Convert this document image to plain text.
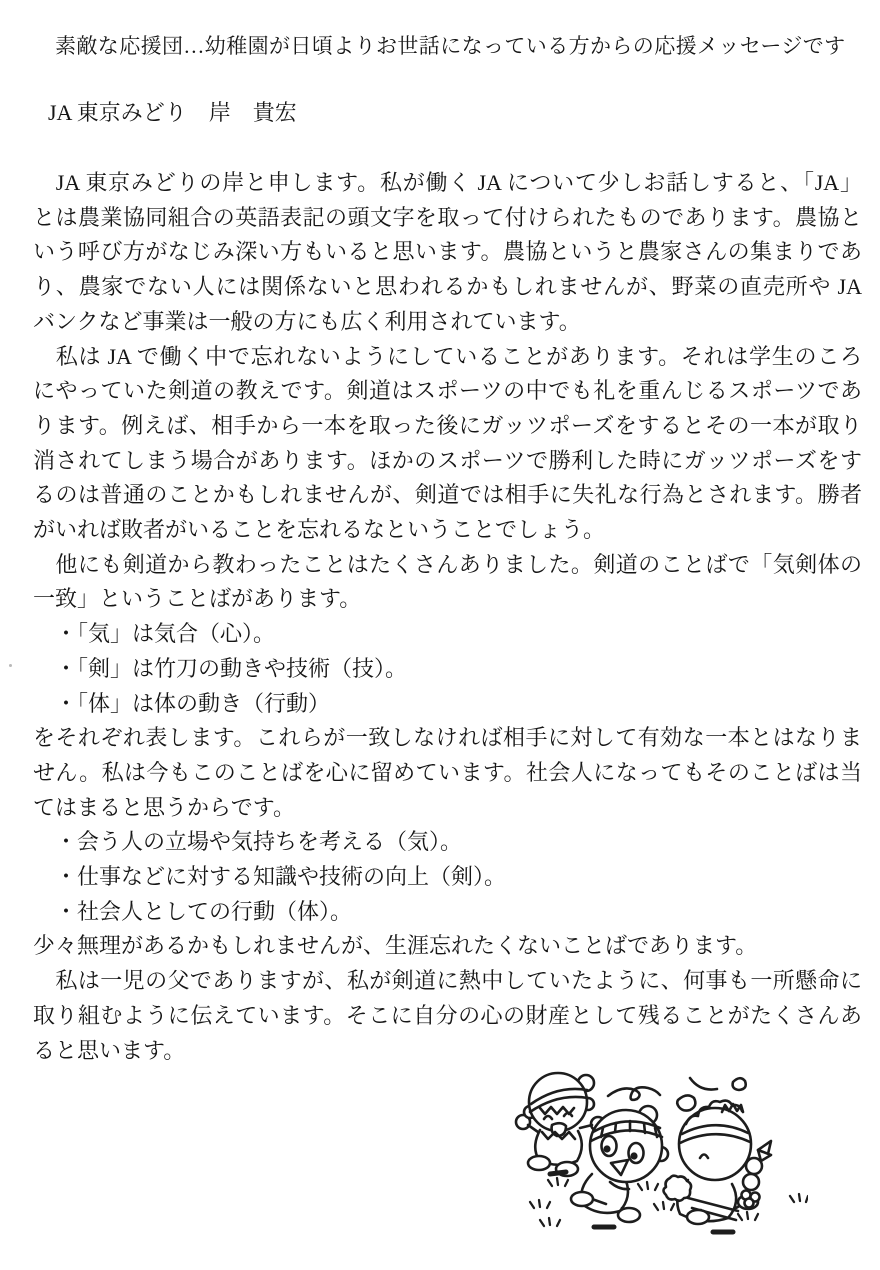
素敵な応援団…幼稚園が日頃よりお世話になっている方からの応援メッセージです
JA 東京みどり　岸　貴宏
　JA 東京みどりの岸と申します。私が働く JA について少しお話しすると、「JA」
とは農業協同組合の英語表記の頭文字を取って付けられたものであります。農協と
いう呼び方がなじみ深い方もいると思います。農協というと農家さんの集まりであ
り、農家でない人には関係ないと思われるかもしれませんが、野菜の直売所や JA
バンクなど事業は一般の方にも広く利用されています。
　私は JA で働く中で忘れないようにしていることがあります。それは学生のころ
にやっていた剣道の教えです。剣道はスポーツの中でも礼を重んじるスポーツであ
ります。例えば、相手から一本を取った後にガッツポーズをするとその一本が取り
消されてしまう場合があります。ほかのスポーツで勝利した時にガッツポーズをす
るのは普通のことかもしれませんが、剣道では相手に失礼な行為とされます。勝者
がいれば敗者がいることを忘れるなということでしょう。
　他にも剣道から教わったことはたくさんありました。剣道のことばで「気剣体の
一致」ということばがあります。
　・「気」は気合（心）。
　・「剣」は竹刀の動きや技術（技）。
　・「体」は体の動き（行動）
をそれぞれ表します。これらが一致しなければ相手に対して有効な一本とはなりま
せん。私は今もこのことばを心に留めています。社会人になってもそのことばは当
てはまると思うからです。
　・会う人の立場や気持ちを考える（気）。
　・仕事などに対する知識や技術の向上（剣）。
　・社会人としての行動（体）。
少々無理があるかもしれませんが、生涯忘れたくないことばであります。
　私は一児の父でありますが、私が剣道に熱中していたように、何事も一所懸命に
取り組むように伝えています。そこに自分の心の財産として残ることがたくさんあ
ると思います。
